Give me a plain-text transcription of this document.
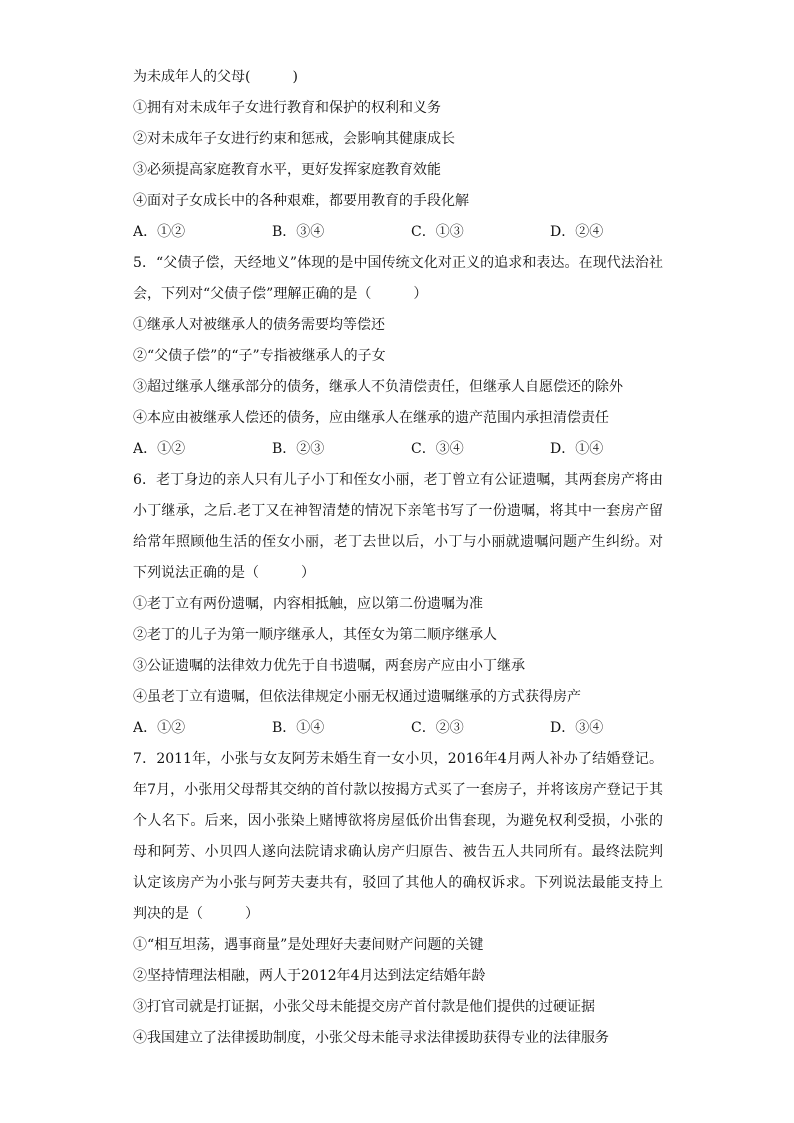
为未成年人的父母(　　　)
①拥有对未成年子女进行教育和保护的权利和义务
②对未成年子女进行约束和惩戒，会影响其健康成长
③必须提高家庭教育水平，更好发挥家庭教育效能
④面对子女成长中的各种艰难，都要用教育的手段化解
A．①②	B．③④	C．①③	D．②④
5．“父债子偿，天经地义”体现的是中国传统文化对正义的追求和表达。在现代法治社
会，下列对“父债子偿”理解正确的是（　　　）
①继承人对被继承人的债务需要均等偿还
②“父债子偿”的“子”专指被继承人的子女
③超过继承人继承部分的债务，继承人不负清偿责任，但继承人自愿偿还的除外
④本应由被继承人偿还的债务，应由继承人在继承的遗产范围内承担清偿责任
A．①②	B．②③	C．③④	D．①④
6．老丁身边的亲人只有儿子小丁和侄女小丽，老丁曾立有公证遗嘱，其两套房产将由
小丁继承，之后.老丁又在神智清楚的情况下亲笔书写了一份遗嘱，将其中一套房产留
给常年照顾他生活的侄女小丽，老丁去世以后，小丁与小丽就遗嘱问题产生纠纷。对
下列说法正确的是（　　　）
①老丁立有两份遗嘱，内容相抵触，应以第二份遗嘱为准
②老丁的儿子为第一顺序继承人，其侄女为第二顺序继承人
③公证遗嘱的法律效力优先于自书遗嘱，两套房产应由小丁继承
④虽老丁立有遗嘱，但依法律规定小丽无权通过遗嘱继承的方式获得房产
A．①②	B．①④	C．②③	D．③④
7．2011年，小张与女友阿芳未婚生育一女小贝，2016年4月两人补办了结婚登记。
年7月，小张用父母帮其交纳的首付款以按揭方式买了一套房子，并将该房产登记于其
个人名下。后来，因小张染上赌博欲将房屋低价出售套现，为避免权利受损，小张的
母和阿芳、小贝四人遂向法院请求确认房产归原告、被告五人共同所有。最终法院判
认定该房产为小张与阿芳夫妻共有，驳回了其他人的确权诉求。下列说法最能支持上
判决的是（　　　）
①“相互坦荡，遇事商量”是处理好夫妻间财产问题的关键
②坚持情理法相融，两人于2012年4月达到法定结婚年龄
③打官司就是打证据，小张父母未能提交房产首付款是他们提供的过硬证据
④我国建立了法律援助制度，小张父母未能寻求法律援助获得专业的法律服务
